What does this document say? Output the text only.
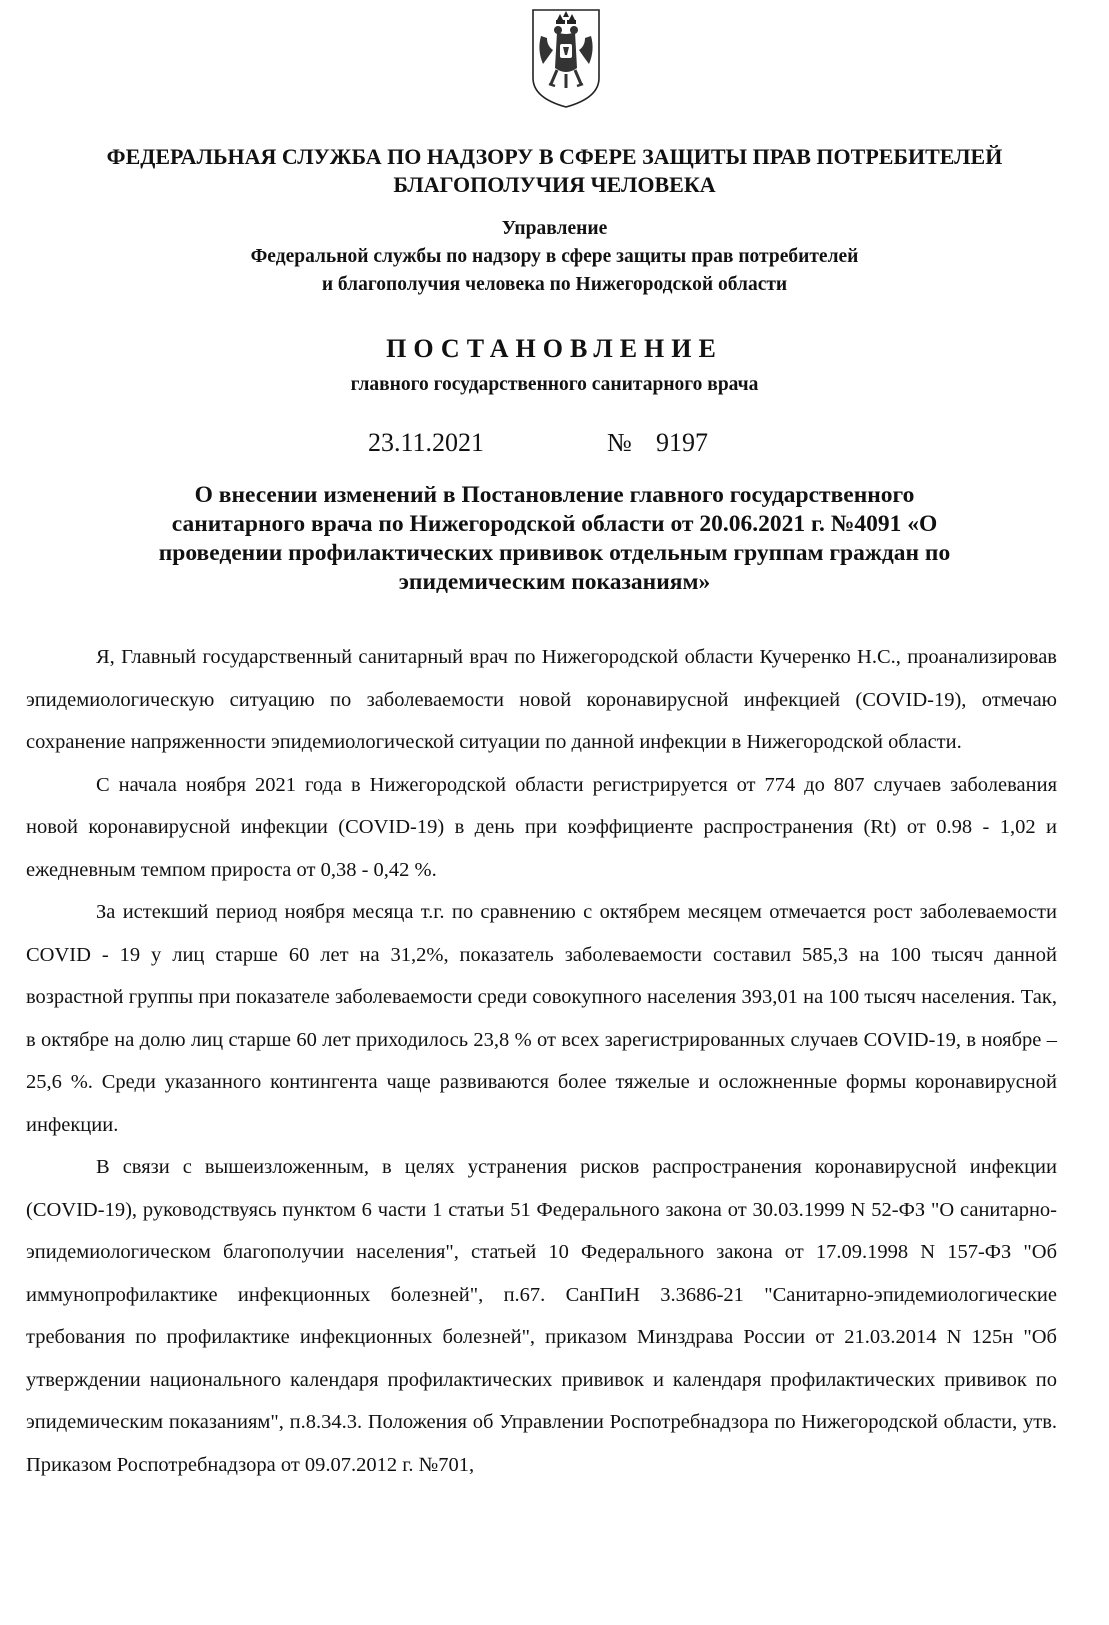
ФЕДЕРАЛЬНАЯ СЛУЖБА ПО НАДЗОРУ В СФЕРЕ ЗАЩИТЫ ПРАВ ПОТРЕБИТЕЛЕЙ
БЛАГОПОЛУЧИЯ ЧЕЛОВЕКА
Управление
Федеральной службы по надзору в сфере защиты прав потребителей
и благополучия человека по Нижегородской области
ПОСТАНОВЛЕНИЕ
главного государственного санитарного врача
23.11.2021	№ 9197
О внесении изменений в Постановление главного государственного
санитарного врача по Нижегородской области от 20.06.2021 г. №4091 «О
проведении профилактических прививок отдельным группам граждан по
эпидемическим показаниям»

Я, Главный государственный санитарный врач по Нижегородской области Кучеренко Н.С., проанализировав эпидемиологическую ситуацию по заболеваемости новой коронавирусной инфекцией (COVID-19), отмечаю сохранение напряженности эпидемиологической ситуации по данной инфекции в Нижегородской области.

С начала ноября 2021 года в Нижегородской области регистрируется от 774 до 807 случаев заболевания новой коронавирусной инфекции (COVID-19) в день при коэффициенте распространения (Rt) от 0.98 - 1,02 и ежедневным темпом прироста от 0,38 - 0,42 %.

За истекший период ноября месяца т.г. по сравнению с октябрем месяцем отмечается рост заболеваемости COVID - 19 у лиц старше 60 лет на 31,2%, показатель заболеваемости составил 585,3 на 100 тысяч данной возрастной группы при показателе заболеваемости среди совокупного населения 393,01 на 100 тысяч населения. Так, в октябре на долю лиц старше 60 лет приходилось 23,8 % от всех зарегистрированных случаев COVID-19, в ноябре – 25,6 %. Среди указанного контингента чаще развиваются более тяжелые и осложненные формы коронавирусной инфекции.

В связи с вышеизложенным, в целях устранения рисков распространения коронавирусной инфекции (COVID-19), руководствуясь пунктом 6 части 1 статьи 51 Федерального закона от 30.03.1999 N 52-ФЗ "О санитарно-эпидемиологическом благополучии населения", статьей 10 Федерального закона от 17.09.1998 N 157-ФЗ "Об иммунопрофилактике инфекционных болезней", п.67. СанПиН 3.3686-21 "Санитарно-эпидемиологические требования по профилактике инфекционных болезней", приказом Минздрава России от 21.03.2014 N 125н "Об утверждении национального календаря профилактических прививок и календаря профилактических прививок по эпидемическим показаниям", п.8.34.3. Положения об Управлении Роспотребнадзора по Нижегородской области, утв. Приказом Роспотребнадзора от 09.07.2012 г. №701,
